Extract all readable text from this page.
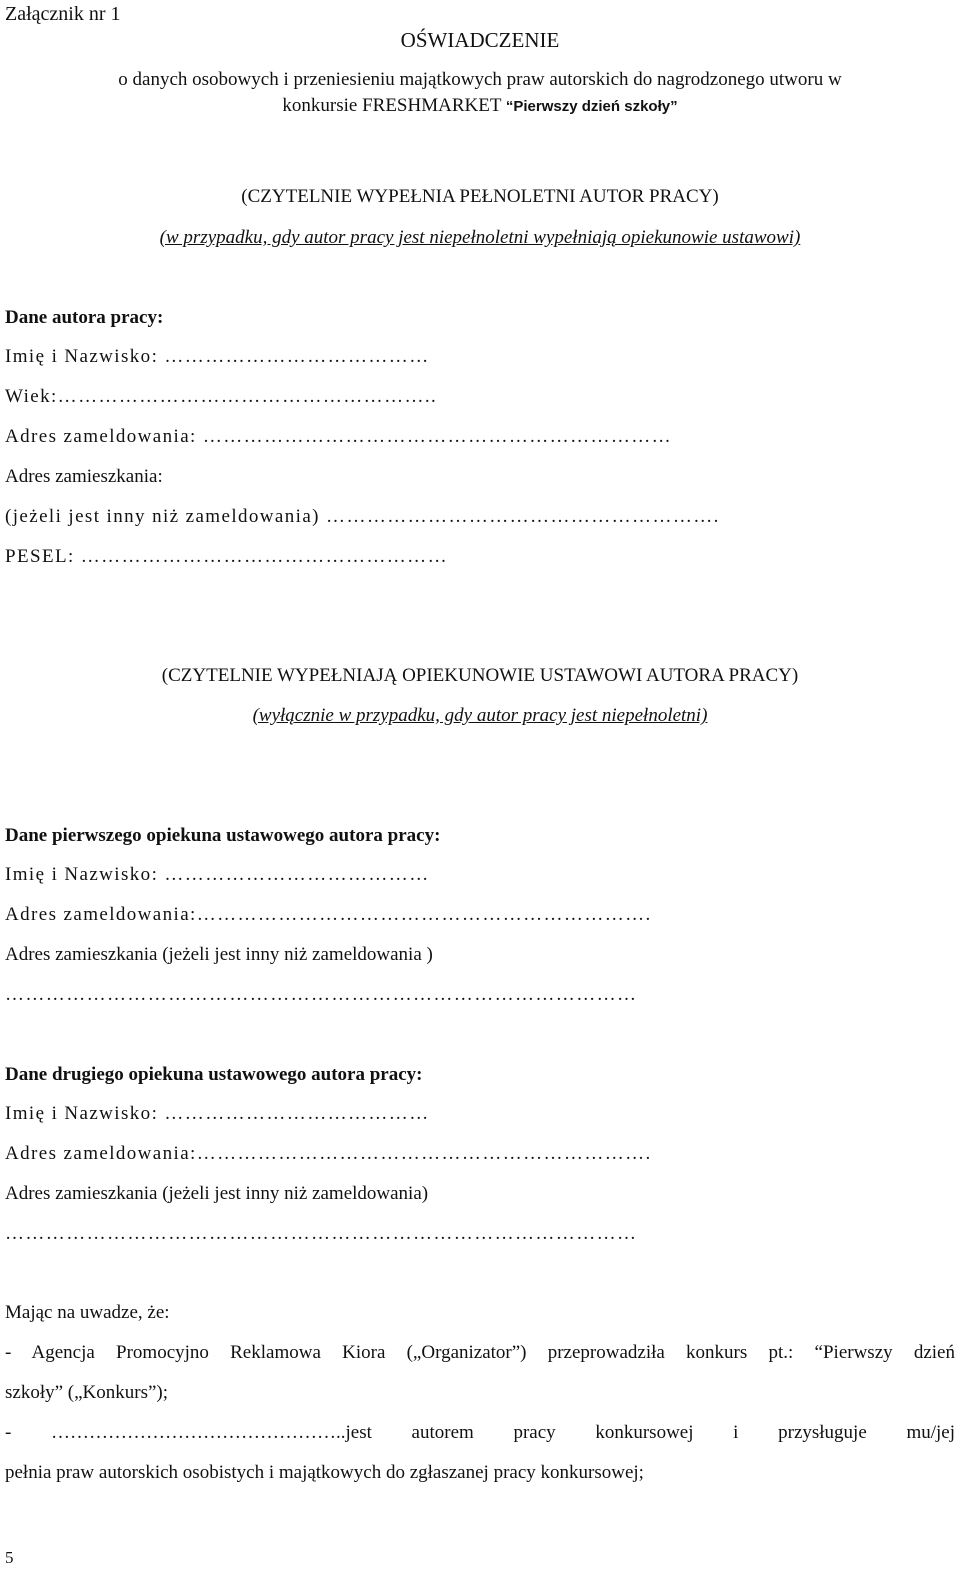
Załącznik nr 1
OŚWIADCZENIE
o danych osobowych i przeniesieniu majątkowych praw autorskich do nagrodzonego utworu w
konkursie FRESHMARKET “Pierwszy dzień szkoły”
(CZYTELNIE WYPEŁNIA PEŁNOLETNI AUTOR PRACY)
(w przypadku, gdy autor pracy jest niepełnoletni wypełniają opiekunowie ustawowi)
Dane autora pracy:
Imię i Nazwisko: …………………………………
Wiek:………………………………………………..
Adres zameldowania: ……………………………………………………………
Adres zamieszkania:
(jeżeli jest inny niż zameldowania) ………………………………………………….
PESEL: ………………………………………………
(CZYTELNIE WYPEŁNIAJĄ OPIEKUNOWIE USTAWOWI AUTORA PRACY)
(wyłącznie w przypadku, gdy autor pracy jest niepełnoletni)
Dane pierwszego opiekuna ustawowego autora pracy:
Imię i Nazwisko: …………………………………
Adres zameldowania:………………………………………………………….
Adres zamieszkania (jeżeli jest inny niż zameldowania )
…………………………………………………………………………………
Dane drugiego opiekuna ustawowego autora pracy:
Imię i Nazwisko: …………………………………
Adres zameldowania:………………………………………………………….
Adres zamieszkania (jeżeli jest inny niż zameldowania)
…………………………………………………………………………………
Mając na uwadze, że:
- Agencja Promocyjno Reklamowa Kiora („Organizator”) przeprowadziła konkurs pt.: “Pierwszy dzień
szkoły” („Konkurs”);
- ………………………………………..jest autorem pracy konkursowej i przysługuje mu/jej
pełnia praw autorskich osobistych i majątkowych do zgłaszanej pracy konkursowej;
5
